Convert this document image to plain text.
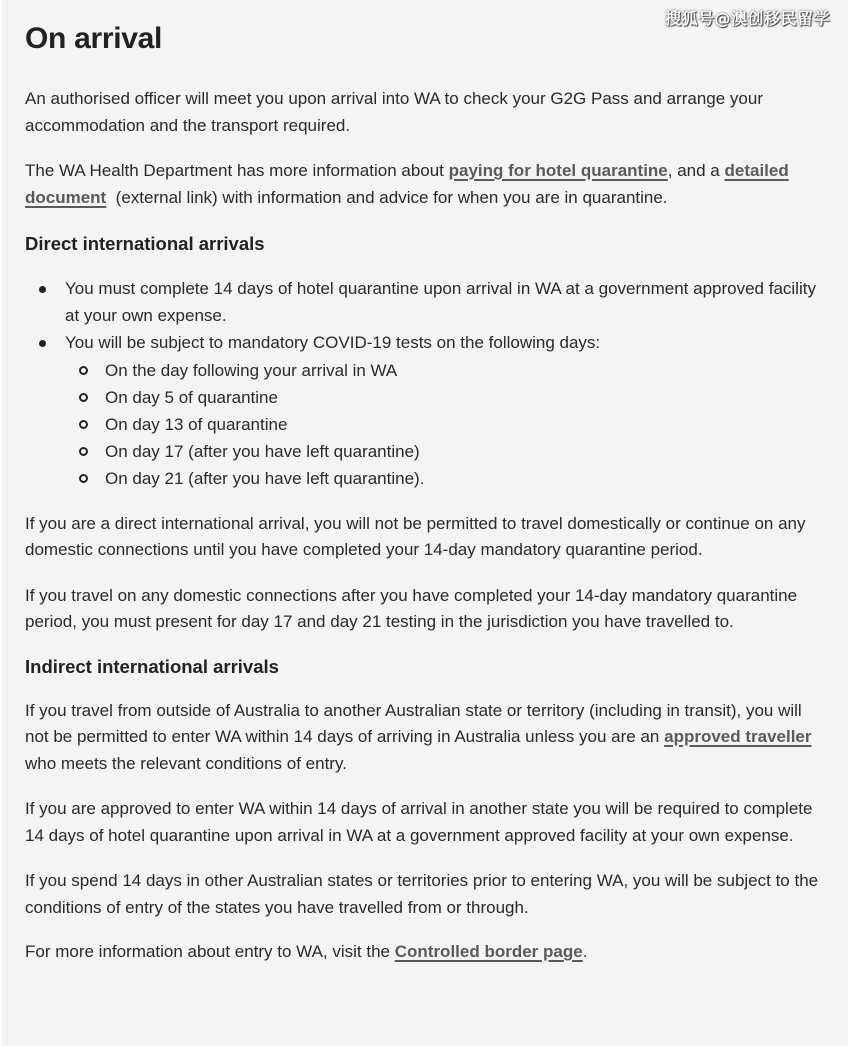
搜狐号@澳创移民留学
On arrival

An authorised officer will meet you upon arrival into WA to check your G2G Pass and arrange your accommodation and the transport required.

The WA Health Department has more information about paying for hotel quarantine, and a detailed document  (external link) with information and advice for when you are in quarantine.

Direct international arrivals
You must complete 14 days of hotel quarantine upon arrival in WA at a government approved facility at your own expense.
You will be subject to mandatory COVID-19 tests on the following days:
On the day following your arrival in WA
On day 5 of quarantine
On day 13 of quarantine
On day 17 (after you have left quarantine)
On day 21 (after you have left quarantine).

If you are a direct international arrival, you will not be permitted to travel domestically or continue on any domestic connections until you have completed your 14-day mandatory quarantine period.

If you travel on any domestic connections after you have completed your 14-day mandatory quarantine period, you must present for day 17 and day 21 testing in the jurisdiction you have travelled to.

Indirect international arrivals

If you travel from outside of Australia to another Australian state or territory (including in transit), you will not be permitted to enter WA within 14 days of arriving in Australia unless you are an approved traveller who meets the relevant conditions of entry.

If you are approved to enter WA within 14 days of arrival in another state you will be required to complete 14 days of hotel quarantine upon arrival in WA at a government approved facility at your own expense.

If you spend 14 days in other Australian states or territories prior to entering WA, you will be subject to the conditions of entry of the states you have travelled from or through.

For more information about entry to WA, visit the Controlled border page.
